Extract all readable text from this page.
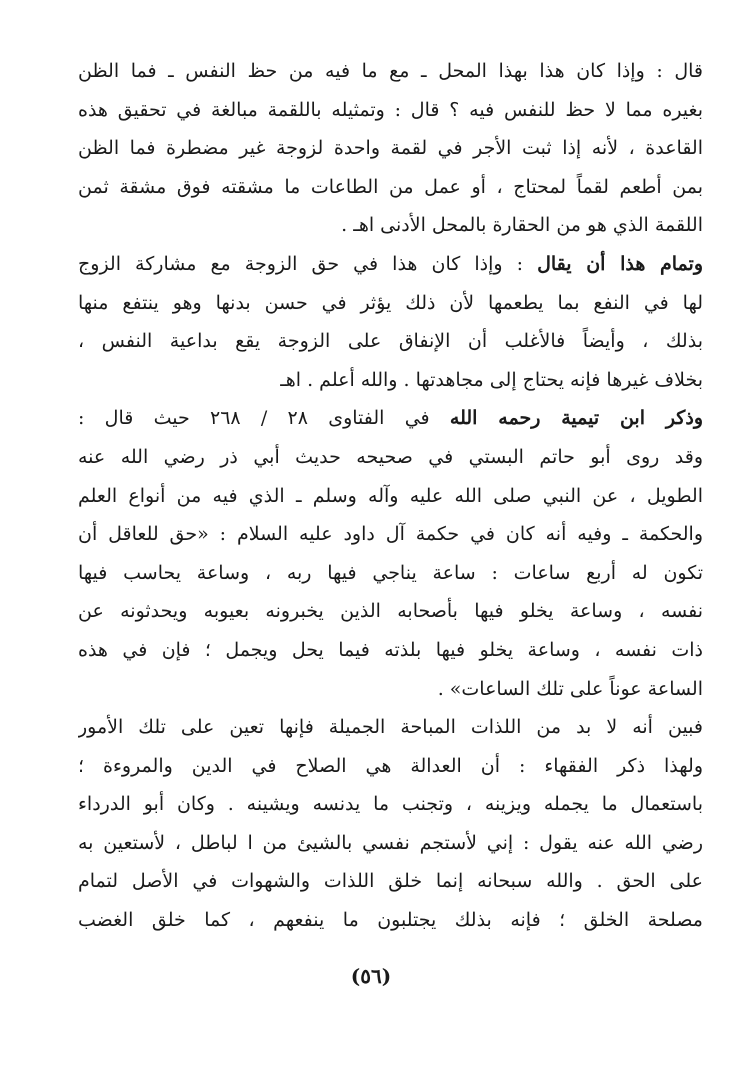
قال : وإذا كان هذا بهذا المحل ـ مع ما فيه من حظ النفس ـ فما الظن
بغيره مما لا حظ للنفس فيه ؟ قال : وتمثيله باللقمة مبالغة في تحقيق هذه
القاعدة ، لأنه إذا ثبت الأجر في لقمة واحدة لزوجة غير مضطرة فما الظن
بمن أطعم لقماً لمحتاج ، أو عمل من الطاعات ما مشقته فوق مشقة ثمن
اللقمة الذي هو من الحقارة بالمحل الأدنى اهـ .
وتمام هذا أن يقال : وإذا كان هذا في حق الزوجة مع مشاركة الزوج
لها في النفع بما يطعمها لأن ذلك يؤثر في حسن بدنها وهو ينتفع منها
بذلك ، وأيضاً فالأغلب أن الإنفاق على الزوجة يقع بداعية النفس ،
بخلاف غيرها فإنه يحتاج إلى مجاهدتها . والله أعلم . اهـ
وذكر ابن تيمية رحمه الله في الفتاوى ٢٨ / ٢٦٨ حيث قال :
وقد روى أبو حاتم البستي في صحيحه حديث أبي ذر رضي الله عنه
الطويل ، عن النبي صلى الله عليه وآله وسلم ـ الذي فيه من أنواع العلم
والحكمة ـ وفيه أنه كان في حكمة آل داود عليه السلام : «حق للعاقل أن
تكون له أربع ساعات : ساعة يناجي فيها ربه ، وساعة يحاسب فيها
نفسه ، وساعة يخلو فيها بأصحابه الذين يخبرونه بعيوبه ويحدثونه عن
ذات نفسه ، وساعة يخلو فيها بلذته فيما يحل ويجمل ؛ فإن في هذه
الساعة عوناً على تلك الساعات» .
فبين أنه لا بد من اللذات المباحة الجميلة فإنها تعين على تلك الأمور
ولهذا ذكر الفقهاء : أن العدالة هي الصلاح في الدين والمروءة ؛
باستعمال ما يجمله ويزينه ، وتجنب ما يدنسه ويشينه . وكان أبو الدرداء
رضي الله عنه يقول : إني لأستجم نفسي بالشيئ من ا لباطل ، لأستعين به
على الحق . والله سبحانه إنما خلق اللذات والشهوات في الأصل لتمام
مصلحة الخلق ؛ فإنه بذلك يجتلبون ما ينفعهم ، كما خلق الغضب
(٥٦)
